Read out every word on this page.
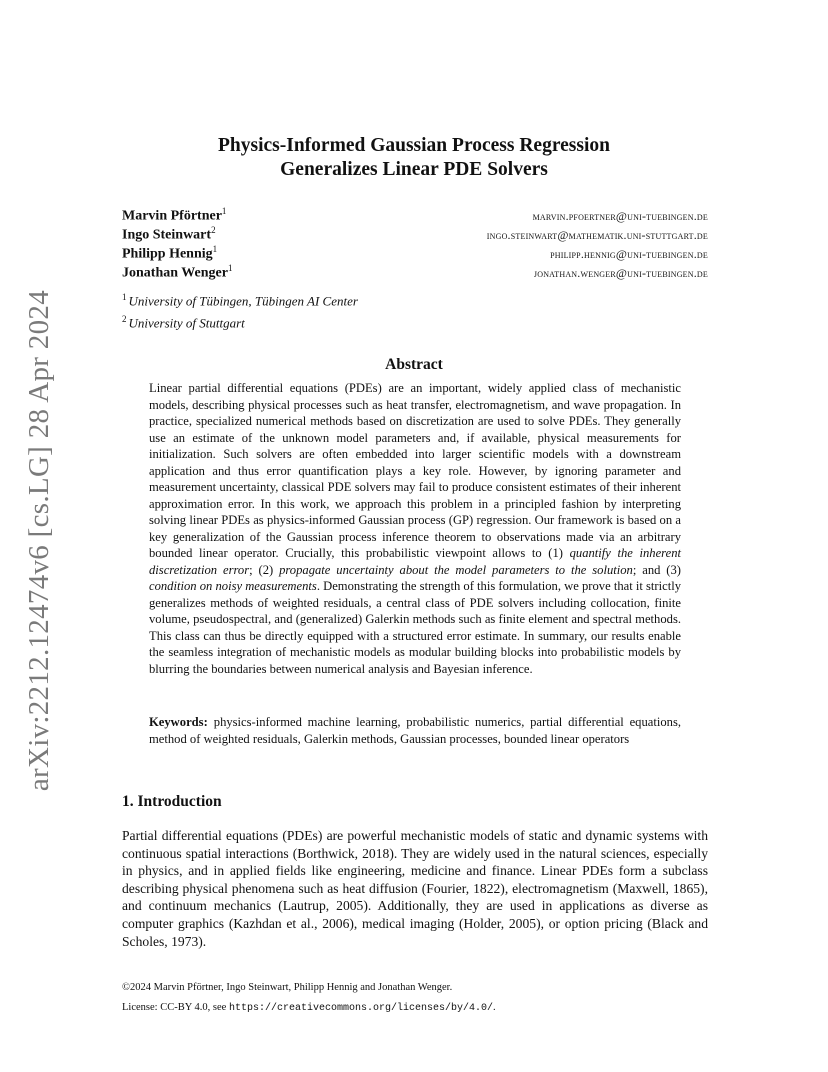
arXiv:2212.12474v6 [cs.LG] 28 Apr 2024
Physics-Informed Gaussian Process Regression
Generalizes Linear PDE Solvers
Marvin Pförtner$^1$	marvin.pfoertner@uni-tuebingen.de
Ingo Steinwart$^2$	ingo.steinwart@mathematik.uni-stuttgart.de
Philipp Hennig$^1$	philipp.hennig@uni-tuebingen.de
Jonathan Wenger$^1$	jonathan.wenger@uni-tuebingen.de
$^1$ University of Tübingen, Tübingen AI Center
$^2$ University of Stuttgart
Abstract
Linear partial differential equations (PDEs) are an important, widely applied class of mechanistic models, describing physical processes such as heat transfer, electromagnetism, and wave propagation. In practice, specialized numerical methods based on discretization are used to solve PDEs. They generally use an estimate of the unknown model parameters and, if available, physical measurements for initialization. Such solvers are often embedded into larger scientific models with a downstream application and thus error quantification plays a key role. However, by ignoring parameter and measurement uncertainty, classical PDE solvers may fail to produce consistent estimates of their inherent approximation error. In this work, we approach this problem in a principled fashion by interpreting solving linear PDEs as physics-informed Gaussian process (GP) regression. Our framework is based on a key generalization of the Gaussian process inference theorem to observations made via an arbitrary bounded linear operator. Crucially, this probabilistic viewpoint allows to (1) quantify the inherent discretization error; (2) propagate uncertainty about the model parameters to the solution; and (3) condition on noisy measurements. Demonstrating the strength of this formulation, we prove that it strictly generalizes methods of weighted residuals, a central class of PDE solvers including collocation, finite volume, pseudospectral, and (generalized) Galerkin methods such as finite element and spectral methods. This class can thus be directly equipped with a structured error estimate. In summary, our results enable the seamless integration of mechanistic models as modular building blocks into probabilistic models by blurring the boundaries between numerical analysis and Bayesian inference.
Keywords: physics-informed machine learning, probabilistic numerics, partial differential equations, method of weighted residuals, Galerkin methods, Gaussian processes, bounded linear operators
1. Introduction
Partial differential equations (PDEs) are powerful mechanistic models of static and dynamic systems with continuous spatial interactions (Borthwick, 2018). They are widely used in the natural sciences, especially in physics, and in applied fields like engineering, medicine and finance. Linear PDEs form a subclass describing physical phenomena such as heat diffusion (Fourier, 1822), electromagnetism (Maxwell, 1865), and continuum mechanics (Lautrup, 2005). Additionally, they are used in applications as diverse as computer graphics (Kazhdan et al., 2006), medical imaging (Holder, 2005), or option pricing (Black and Scholes, 1973).
©2024 Marvin Pförtner, Ingo Steinwart, Philipp Hennig and Jonathan Wenger.
License: CC-BY 4.0, see https://creativecommons.org/licenses/by/4.0/.
